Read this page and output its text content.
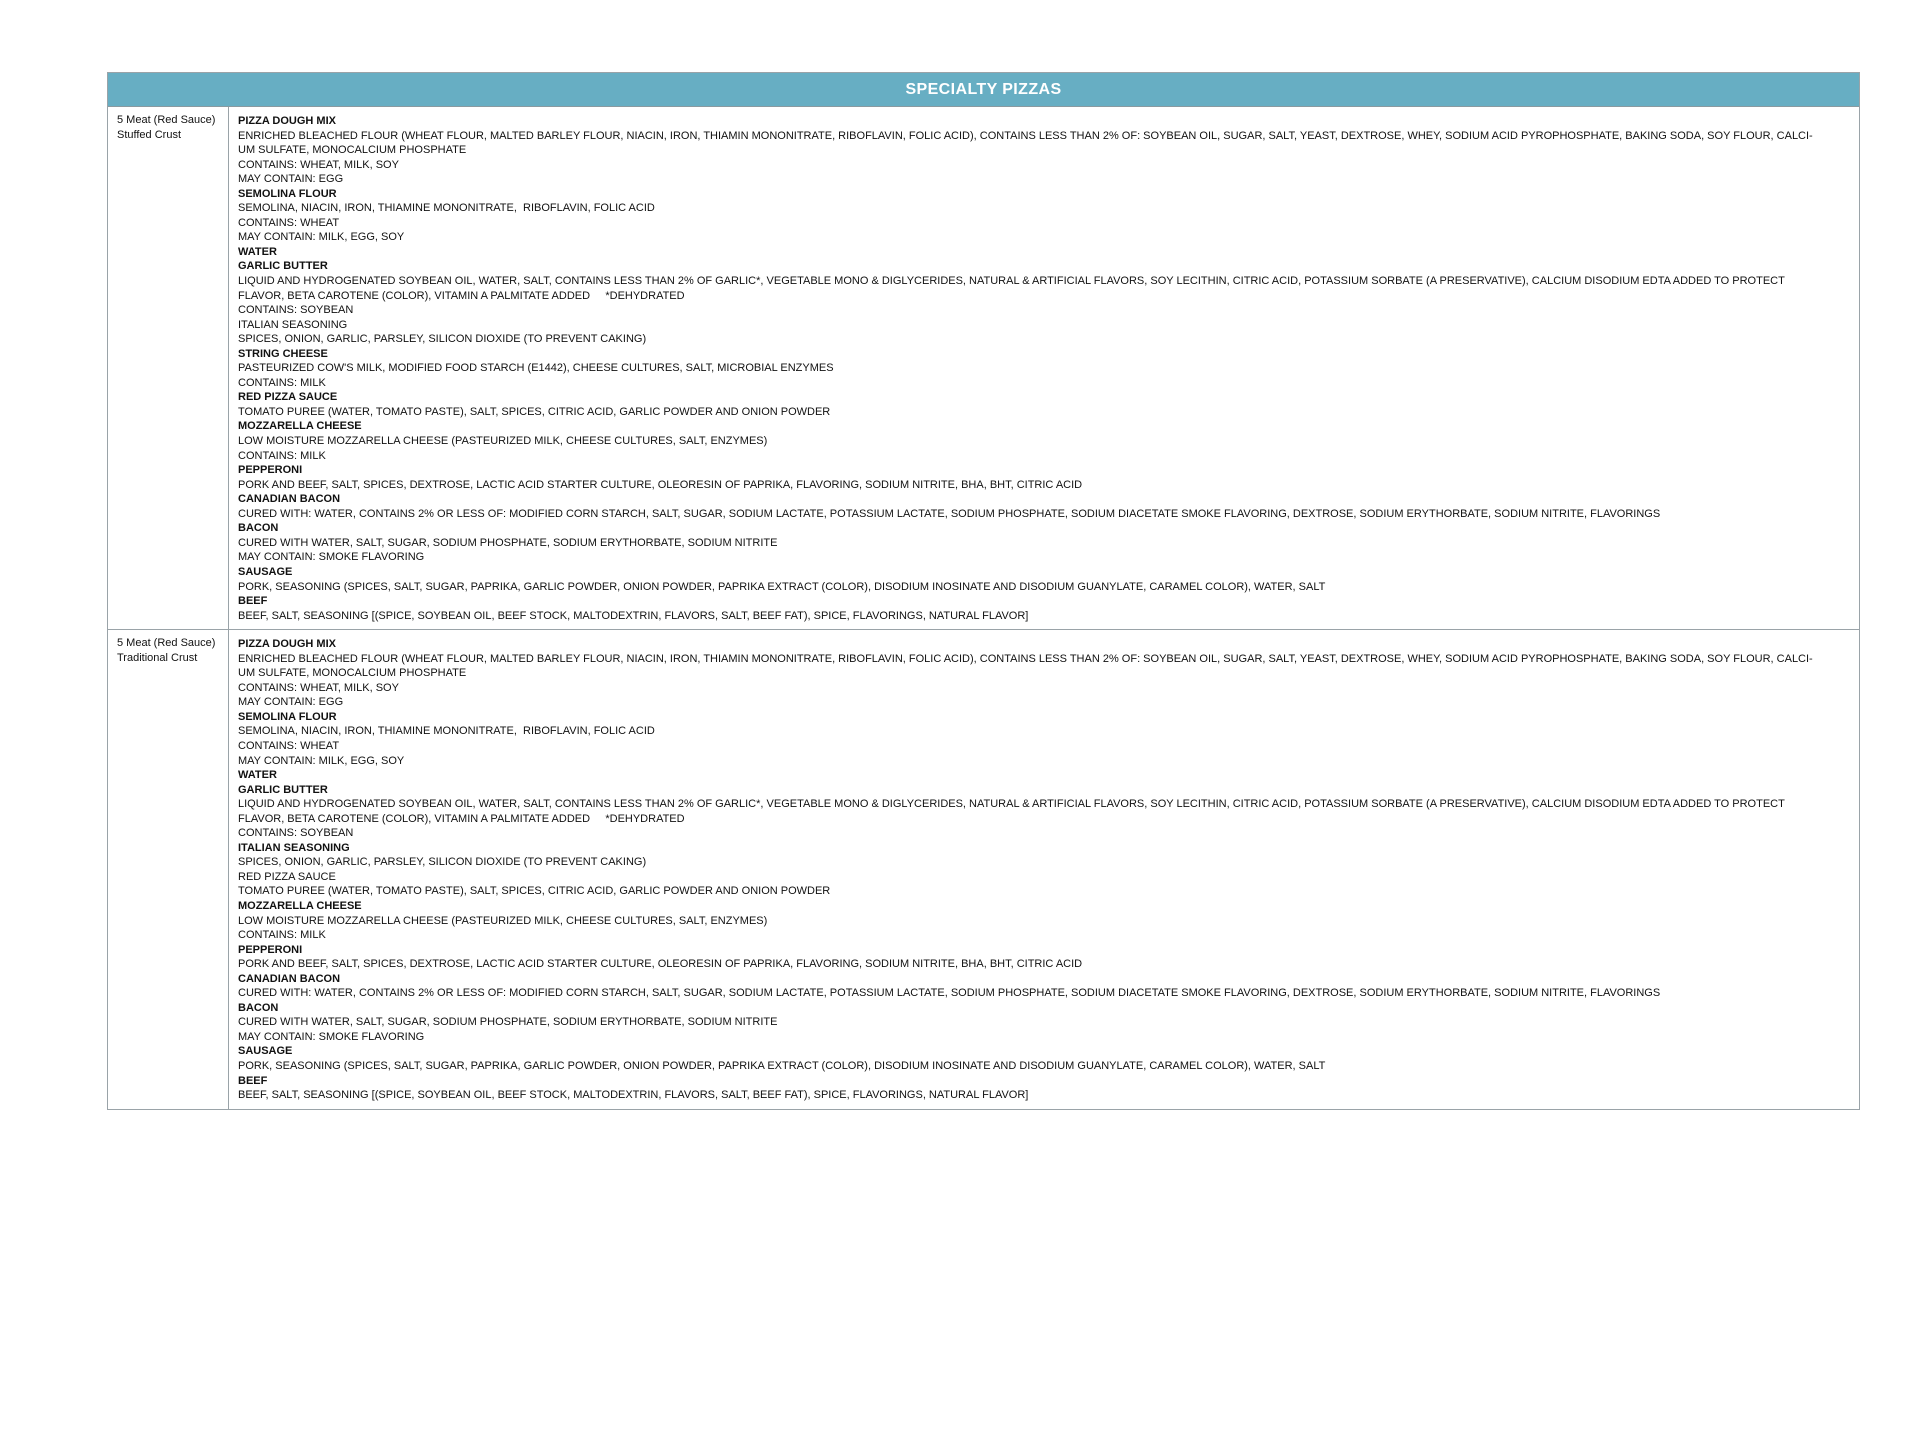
SPECIALTY PIZZAS
5 Meat (Red Sauce)
Stuffed Crust
PIZZA DOUGH MIX
ENRICHED BLEACHED FLOUR (WHEAT FLOUR, MALTED BARLEY FLOUR, NIACIN, IRON, THIAMIN MONONITRATE, RIBOFLAVIN, FOLIC ACID), CONTAINS LESS THAN 2% OF: SOYBEAN OIL, SUGAR, SALT, YEAST, DEXTROSE, WHEY, SODIUM ACID PYROPHOSPHATE, BAKING SODA, SOY FLOUR, CALCI-
UM SULFATE, MONOCALCIUM PHOSPHATE
CONTAINS: WHEAT, MILK, SOY
MAY CONTAIN: EGG
SEMOLINA FLOUR
SEMOLINA, NIACIN, IRON, THIAMINE MONONITRATE,  RIBOFLAVIN, FOLIC ACID
CONTAINS: WHEAT
MAY CONTAIN: MILK, EGG, SOY
WATER
GARLIC BUTTER
LIQUID AND HYDROGENATED SOYBEAN OIL, WATER, SALT, CONTAINS LESS THAN 2% OF GARLIC*, VEGETABLE MONO & DIGLYCERIDES, NATURAL & ARTIFICIAL FLAVORS, SOY LECITHIN, CITRIC ACID, POTASSIUM SORBATE (A PRESERVATIVE), CALCIUM DISODIUM EDTA ADDED TO PROTECT
FLAVOR, BETA CAROTENE (COLOR), VITAMIN A PALMITATE ADDED     *DEHYDRATED
CONTAINS: SOYBEAN
ITALIAN SEASONING
SPICES, ONION, GARLIC, PARSLEY, SILICON DIOXIDE (TO PREVENT CAKING)
STRING CHEESE
PASTEURIZED COW'S MILK, MODIFIED FOOD STARCH (E1442), CHEESE CULTURES, SALT, MICROBIAL ENZYMES
CONTAINS: MILK
RED PIZZA SAUCE
TOMATO PUREE (WATER, TOMATO PASTE), SALT, SPICES, CITRIC ACID, GARLIC POWDER AND ONION POWDER
MOZZARELLA CHEESE
LOW MOISTURE MOZZARELLA CHEESE (PASTEURIZED MILK, CHEESE CULTURES, SALT, ENZYMES)
CONTAINS: MILK
PEPPERONI
PORK AND BEEF, SALT, SPICES, DEXTROSE, LACTIC ACID STARTER CULTURE, OLEORESIN OF PAPRIKA, FLAVORING, SODIUM NITRITE, BHA, BHT, CITRIC ACID
CANADIAN BACON
CURED WITH: WATER, CONTAINS 2% OR LESS OF: MODIFIED CORN STARCH, SALT, SUGAR, SODIUM LACTATE, POTASSIUM LACTATE, SODIUM PHOSPHATE, SODIUM DIACETATE SMOKE FLAVORING, DEXTROSE, SODIUM ERYTHORBATE, SODIUM NITRITE, FLAVORINGS
BACON
CURED WITH WATER, SALT, SUGAR, SODIUM PHOSPHATE, SODIUM ERYTHORBATE, SODIUM NITRITE
MAY CONTAIN: SMOKE FLAVORING
SAUSAGE
PORK, SEASONING (SPICES, SALT, SUGAR, PAPRIKA, GARLIC POWDER, ONION POWDER, PAPRIKA EXTRACT (COLOR), DISODIUM INOSINATE AND DISODIUM GUANYLATE, CARAMEL COLOR), WATER, SALT
BEEF
BEEF, SALT, SEASONING [(SPICE, SOYBEAN OIL, BEEF STOCK, MALTODEXTRIN, FLAVORS, SALT, BEEF FAT), SPICE, FLAVORINGS, NATURAL FLAVOR]
5 Meat (Red Sauce)
Traditional Crust
PIZZA DOUGH MIX
ENRICHED BLEACHED FLOUR (WHEAT FLOUR, MALTED BARLEY FLOUR, NIACIN, IRON, THIAMIN MONONITRATE, RIBOFLAVIN, FOLIC ACID), CONTAINS LESS THAN 2% OF: SOYBEAN OIL, SUGAR, SALT, YEAST, DEXTROSE, WHEY, SODIUM ACID PYROPHOSPHATE, BAKING SODA, SOY FLOUR, CALCI-
UM SULFATE, MONOCALCIUM PHOSPHATE
CONTAINS: WHEAT, MILK, SOY
MAY CONTAIN: EGG
SEMOLINA FLOUR
SEMOLINA, NIACIN, IRON, THIAMINE MONONITRATE,  RIBOFLAVIN, FOLIC ACID
CONTAINS: WHEAT
MAY CONTAIN: MILK, EGG, SOY
WATER
GARLIC BUTTER
LIQUID AND HYDROGENATED SOYBEAN OIL, WATER, SALT, CONTAINS LESS THAN 2% OF GARLIC*, VEGETABLE MONO & DIGLYCERIDES, NATURAL & ARTIFICIAL FLAVORS, SOY LECITHIN, CITRIC ACID, POTASSIUM SORBATE (A PRESERVATIVE), CALCIUM DISODIUM EDTA ADDED TO PROTECT
FLAVOR, BETA CAROTENE (COLOR), VITAMIN A PALMITATE ADDED     *DEHYDRATED
CONTAINS: SOYBEAN
ITALIAN SEASONING
SPICES, ONION, GARLIC, PARSLEY, SILICON DIOXIDE (TO PREVENT CAKING)
RED PIZZA SAUCE
TOMATO PUREE (WATER, TOMATO PASTE), SALT, SPICES, CITRIC ACID, GARLIC POWDER AND ONION POWDER
MOZZARELLA CHEESE
LOW MOISTURE MOZZARELLA CHEESE (PASTEURIZED MILK, CHEESE CULTURES, SALT, ENZYMES)
CONTAINS: MILK
PEPPERONI
PORK AND BEEF, SALT, SPICES, DEXTROSE, LACTIC ACID STARTER CULTURE, OLEORESIN OF PAPRIKA, FLAVORING, SODIUM NITRITE, BHA, BHT, CITRIC ACID
CANADIAN BACON
CURED WITH: WATER, CONTAINS 2% OR LESS OF: MODIFIED CORN STARCH, SALT, SUGAR, SODIUM LACTATE, POTASSIUM LACTATE, SODIUM PHOSPHATE, SODIUM DIACETATE SMOKE FLAVORING, DEXTROSE, SODIUM ERYTHORBATE, SODIUM NITRITE, FLAVORINGS
BACON
CURED WITH WATER, SALT, SUGAR, SODIUM PHOSPHATE, SODIUM ERYTHORBATE, SODIUM NITRITE
MAY CONTAIN: SMOKE FLAVORING
SAUSAGE
PORK, SEASONING (SPICES, SALT, SUGAR, PAPRIKA, GARLIC POWDER, ONION POWDER, PAPRIKA EXTRACT (COLOR), DISODIUM INOSINATE AND DISODIUM GUANYLATE, CARAMEL COLOR), WATER, SALT
BEEF
BEEF, SALT, SEASONING [(SPICE, SOYBEAN OIL, BEEF STOCK, MALTODEXTRIN, FLAVORS, SALT, BEEF FAT), SPICE, FLAVORINGS, NATURAL FLAVOR]
